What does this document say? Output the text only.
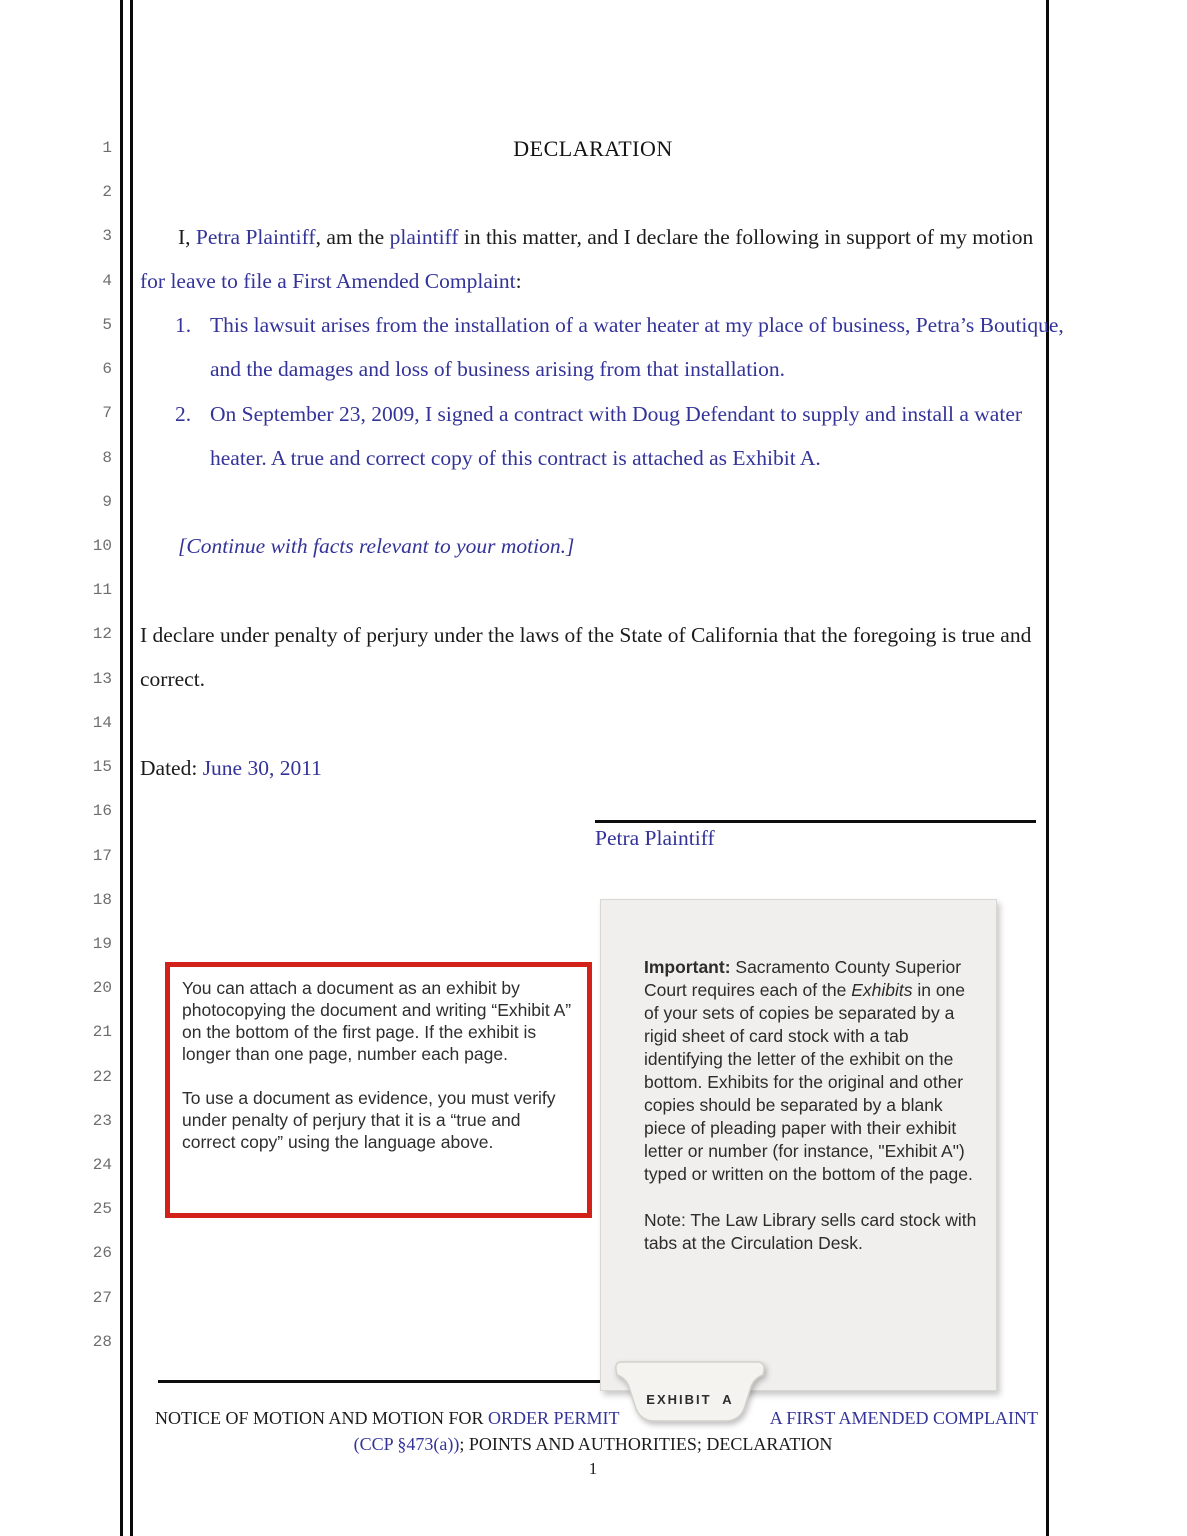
1
2
3
4
5
6
7
8
9
10
11
12
13
14
15
16
17
18
19
20
21
22
23
24
25
26
27
28
DECLARATION
I, Petra Plaintiff, am the plaintiff in this matter, and I declare the following in support of my motion for leave to file a First Amended Complaint:
1. This lawsuit arises from the installation of a water heater at my place of business, Petra’s Boutique, and the damages and loss of business arising from that installation.
2. On September 23, 2009, I signed a contract with Doug Defendant to supply and install a water heater. A true and correct copy of this contract is attached as Exhibit A.
[Continue with facts relevant to your motion.]
I declare under penalty of perjury under the laws of the State of California that the foregoing is true and correct.
Dated: June 30, 2011
Petra Plaintiff
You can attach a document as an exhibit by photocopying the document and writing “Exhibit A” on the bottom of the first page. If the exhibit is longer than one page, number each page.
To use a document as evidence, you must verify under penalty of perjury that it is a “true and correct copy” using the language above.
Important: Sacramento County Superior Court requires each of the Exhibits in one of your sets of copies be separated by a rigid sheet of card stock with a tab identifying the letter of the exhibit on the bottom. Exhibits for the original and other copies should be separated by a blank piece of pleading paper with their exhibit letter or number (for instance, "Exhibit A") typed or written on the bottom of the page.
Note: The Law Library sells card stock with tabs at the Circulation Desk.
EXHIBIT  A
NOTICE OF MOTION AND MOTION FOR ORDER PERMIT	A FIRST AMENDED COMPLAINT
(CCP §473(a)); POINTS AND AUTHORITIES; DECLARATION
1
